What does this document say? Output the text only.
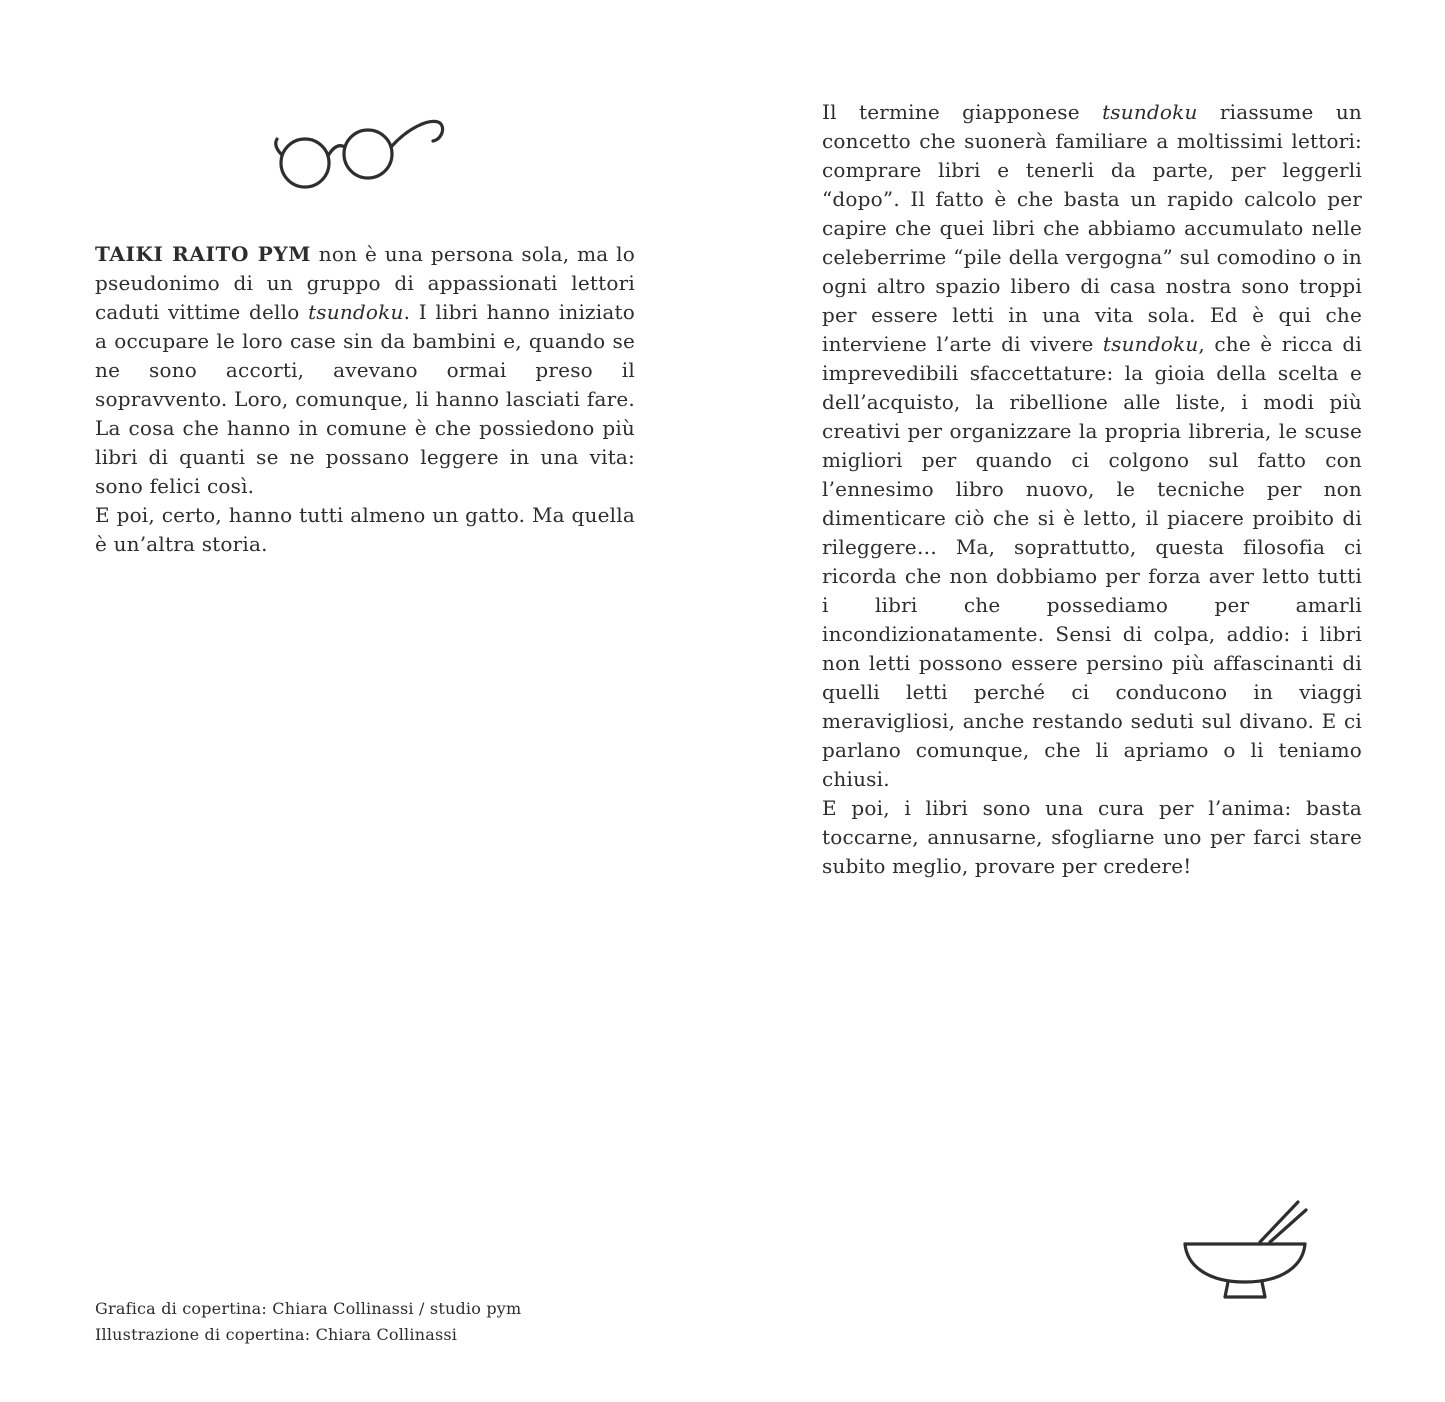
TAIKI RAITO PYM non è una persona sola, ma lo pseudonimo di un gruppo di appassionati lettori caduti vittime dello tsundoku. I libri hanno iniziato a occupare le loro case sin da bambini e, quando se ne sono accorti, avevano ormai preso il sopravvento. Loro, comunque, li hanno lasciati fare. La cosa che hanno in comune è che possiedono più libri di quanti se ne possano leggere in una vita: sono felici così.

E poi, certo, hanno tutti almeno un gatto. Ma quella è un’altra storia.

Il termine giapponese tsundoku riassume un concetto che suonerà familiare a moltissimi lettori: comprare libri e tenerli da parte, per leggerli “dopo”. Il fatto è che basta un rapido calcolo per capire che quei libri che abbiamo accumulato nelle celeberrime “pile della vergogna” sul comodino o in ogni altro spazio libero di casa nostra sono troppi per essere letti in una vita sola. Ed è qui che interviene l’arte di vivere tsundoku, che è ricca di imprevedibili sfaccettature: la gioia della scelta e dell’acquisto, la ribellione alle liste, i modi più creativi per organizzare la propria libreria, le scuse migliori per quando ci colgono sul fatto con l’ennesimo libro nuovo, le tecniche per non dimenticare ciò che si è letto, il piacere proibito di rileggere… Ma, soprattutto, questa filosofia ci ricorda che non dobbiamo per forza aver letto tutti i libri che possediamo per amarli incondizionatamente. Sensi di colpa, addio: i libri non letti possono essere persino più affascinanti di quelli letti perché ci conducono in viaggi meravigliosi, anche restando seduti sul divano. E ci parlano comunque, che li apriamo o li teniamo chiusi.

E poi, i libri sono una cura per l’anima: basta toccarne, annusarne, sfogliarne uno per farci stare subito meglio, provare per credere!

Grafica di copertina: Chiara Collinassi / studio pym

Illustrazione di copertina: Chiara Collinassi
